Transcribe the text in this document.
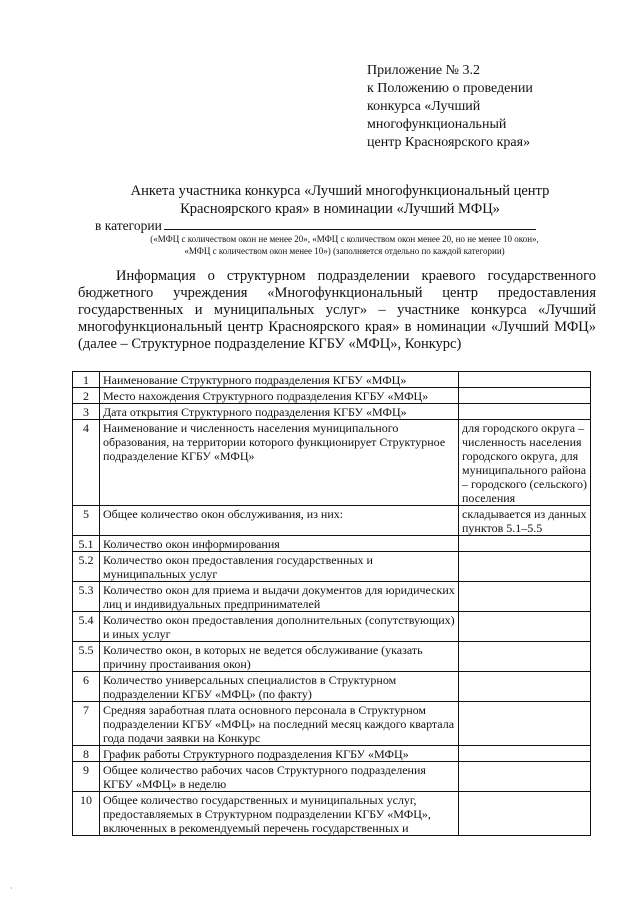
Приложение № 3.2
к Положению о проведении
конкурса «Лучший
многофункциональный
центр Красноярского края»
Анкета участника конкурса «Лучший многофункциональный центр
Красноярского края» в номинации «Лучший МФЦ»
в категории
(«МФЦ с количеством окон не менее 20», «МФЦ с количеством окон менее 20, но не менее 10 окон»,
«МФЦ с количеством окон менее 10») (заполняется отдельно по каждой категории)
Информация о структурном подразделении краевого государственного бюджетного учреждения «Многофункциональный центр предоставления государственных и муниципальных услуг» – участнике конкурса «Лучший многофункциональный центр Красноярского края» в номинации «Лучший МФЦ» (далее – Структурное подразделение КГБУ «МФЦ», Конкурс)
1	Наименование Структурного подразделения КГБУ «МФЦ»	
2	Место нахождения Структурного подразделения КГБУ «МФЦ»	
3	Дата открытия Структурного подразделения КГБУ «МФЦ»	
4	Наименование и численность населения муниципального образования, на территории которого функционирует Структурное подразделение КГБУ «МФЦ»	для городского округа – численность населения городского округа, для муниципального района – городского (сельского) поселения
5	Общее количество окон обслуживания, из них:	складывается из данных пунктов 5.1–5.5
5.1	Количество окон информирования	
5.2	Количество окон предоставления государственных и муниципальных услуг	
5.3	Количество окон для приема и выдачи документов для юридических лиц и индивидуальных предпринимателей	
5.4	Количество окон предоставления дополнительных (сопутствующих) и иных услуг	
5.5	Количество окон, в которых не ведется обслуживание (указать причину простаивания окон)	
6	Количество универсальных специалистов в Структурном подразделении КГБУ «МФЦ» (по факту)	
7	Средняя заработная плата основного персонала в Структурном подразделении КГБУ «МФЦ» на последний месяц каждого квартала года подачи заявки на Конкурс	
8	График работы Структурного подразделения КГБУ «МФЦ»	
9	Общее количество рабочих часов Структурного подразделения КГБУ «МФЦ» в неделю	
10	Общее количество государственных и муниципальных услуг, предоставляемых в Структурном подразделении КГБУ «МФЦ», включенных в рекомендуемый перечень государственных и	
·
